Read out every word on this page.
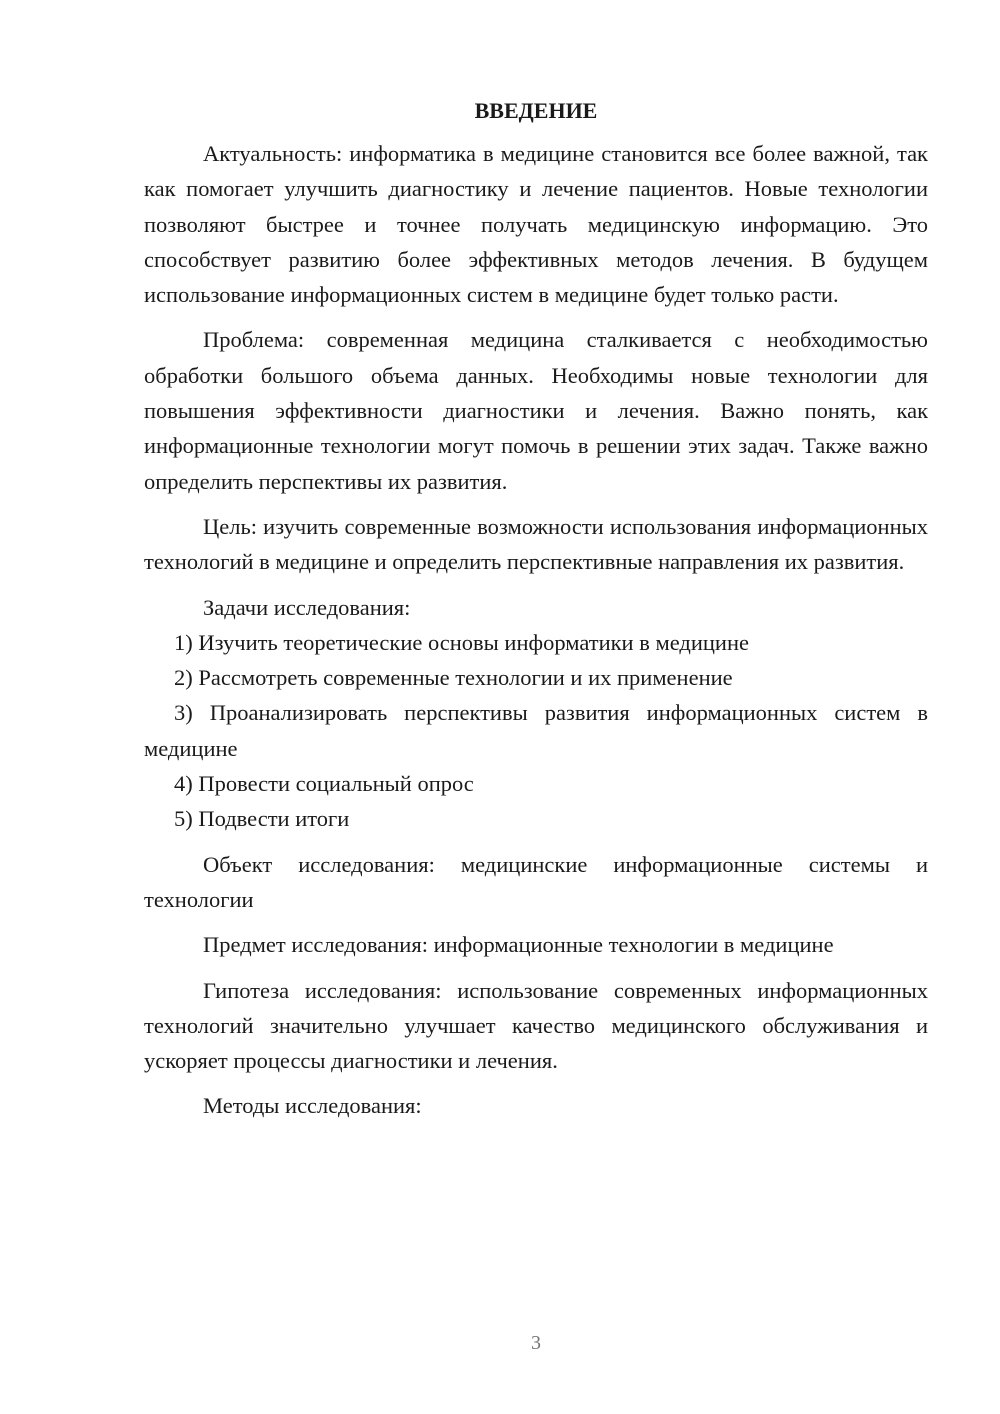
ВВЕДЕНИЕ

Актуальность: информатика в медицине становится все более важной, так как помогает улучшить диагностику и лечение пациентов. Новые технологии позволяют быстрее и точнее получать медицинскую информацию. Это способствует развитию более эффективных методов лечения. В будущем использование информационных систем в медицине будет только расти.

Проблема: современная медицина сталкивается с необходимостью обработки большого объема данных. Необходимы новые технологии для повышения эффективности диагностики и лечения. Важно понять, как информационные технологии могут помочь в решении этих задач. Также важно определить перспективы их развития.

Цель: изучить современные возможности использования информационных технологий в медицине и определить перспективные направления их развития.

Задачи исследования:

1) Изучить теоретические основы информатики в медицине

2) Рассмотреть современные технологии и их применение

3) Проанализировать перспективы развития информационных систем в медицине

4) Провести социальный опрос

5) Подвести итоги

Объект исследования: медицинские информационные системы и технологии

Предмет исследования: информационные технологии в медицине

Гипотеза исследования: использование современных информационных технологий значительно улучшает качество медицинского обслуживания и ускоряет процессы диагностики и лечения.

Методы исследования:

3
